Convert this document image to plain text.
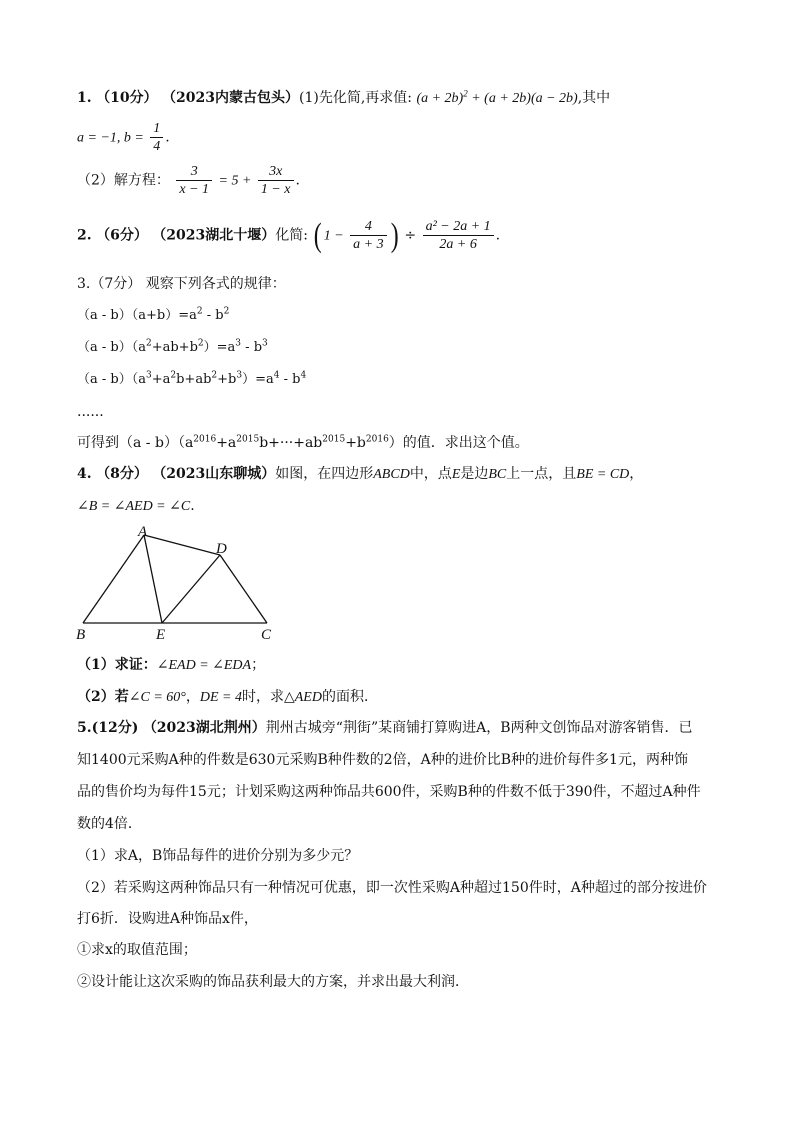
1. （10分） （2023内蒙古包头）(1)先化简,再求值: $(a + 2b)^2 + (a + 2b)(a - 2b)$,其中
a = −1, $b = \frac{1}{4}$ .
（2）解方程： $\frac{3}{x - 1} = 5 + \frac{3x}{1 - x}$ .
2. （6分） （2023湖北十堰）化简: ( $1 - \frac{4}{a + 3}$ ) ÷ $\frac{\text{a² − 2a + 1}}{2a + 6}$ .
3.（7分） 观察下列各式的规律：
$(a - b)(a+b)=a^2 - b^2$
$(a - b)(a^2+ab+b^2)=a^3 - b^3$
$(a - b)(a^3+a^2b+ab^2+b^3)=a^4 - b^4$
......
可得到$(a - b)(a^{2016}+a^{2015}b+\cdot\cdot\cdot+ab^{2015}+b^{2016})$的值．求出这个值。
4. （8分） （2023山东聊城）如图，在四边形ABCD中，点E是边BC上一点，且BE = CD，
∠B = ∠AED = ∠C.
A
D
B	E	C
（1）求证：∠EAD = ∠EDA；
（2）若∠C = 60°，DE = 4时，求△AED的面积．
5.(12分) （2023湖北荆州）荆州古城旁“荆街”某商铺打算购进A，B两种文创饰品对游客销售．已
知1400元采购A种的件数是630元采购B种件数的2倍，A种的进价比B种的进价每件多1元，两种饰
品的售价均为每件15元；计划采购这两种饰品共600件，采购B种的件数不低于390件，不超过A种件
数的4倍．
（1）求A，B饰品每件的进价分别为多少元？
（2）若采购这两种饰品只有一种情况可优惠，即一次性采购A种超过150件时，A种超过的部分按进价
打6折．设购进A种饰品x件，
①求x的取值范围；
②设计能让这次采购的饰品获利最大的方案，并求出最大利润．
